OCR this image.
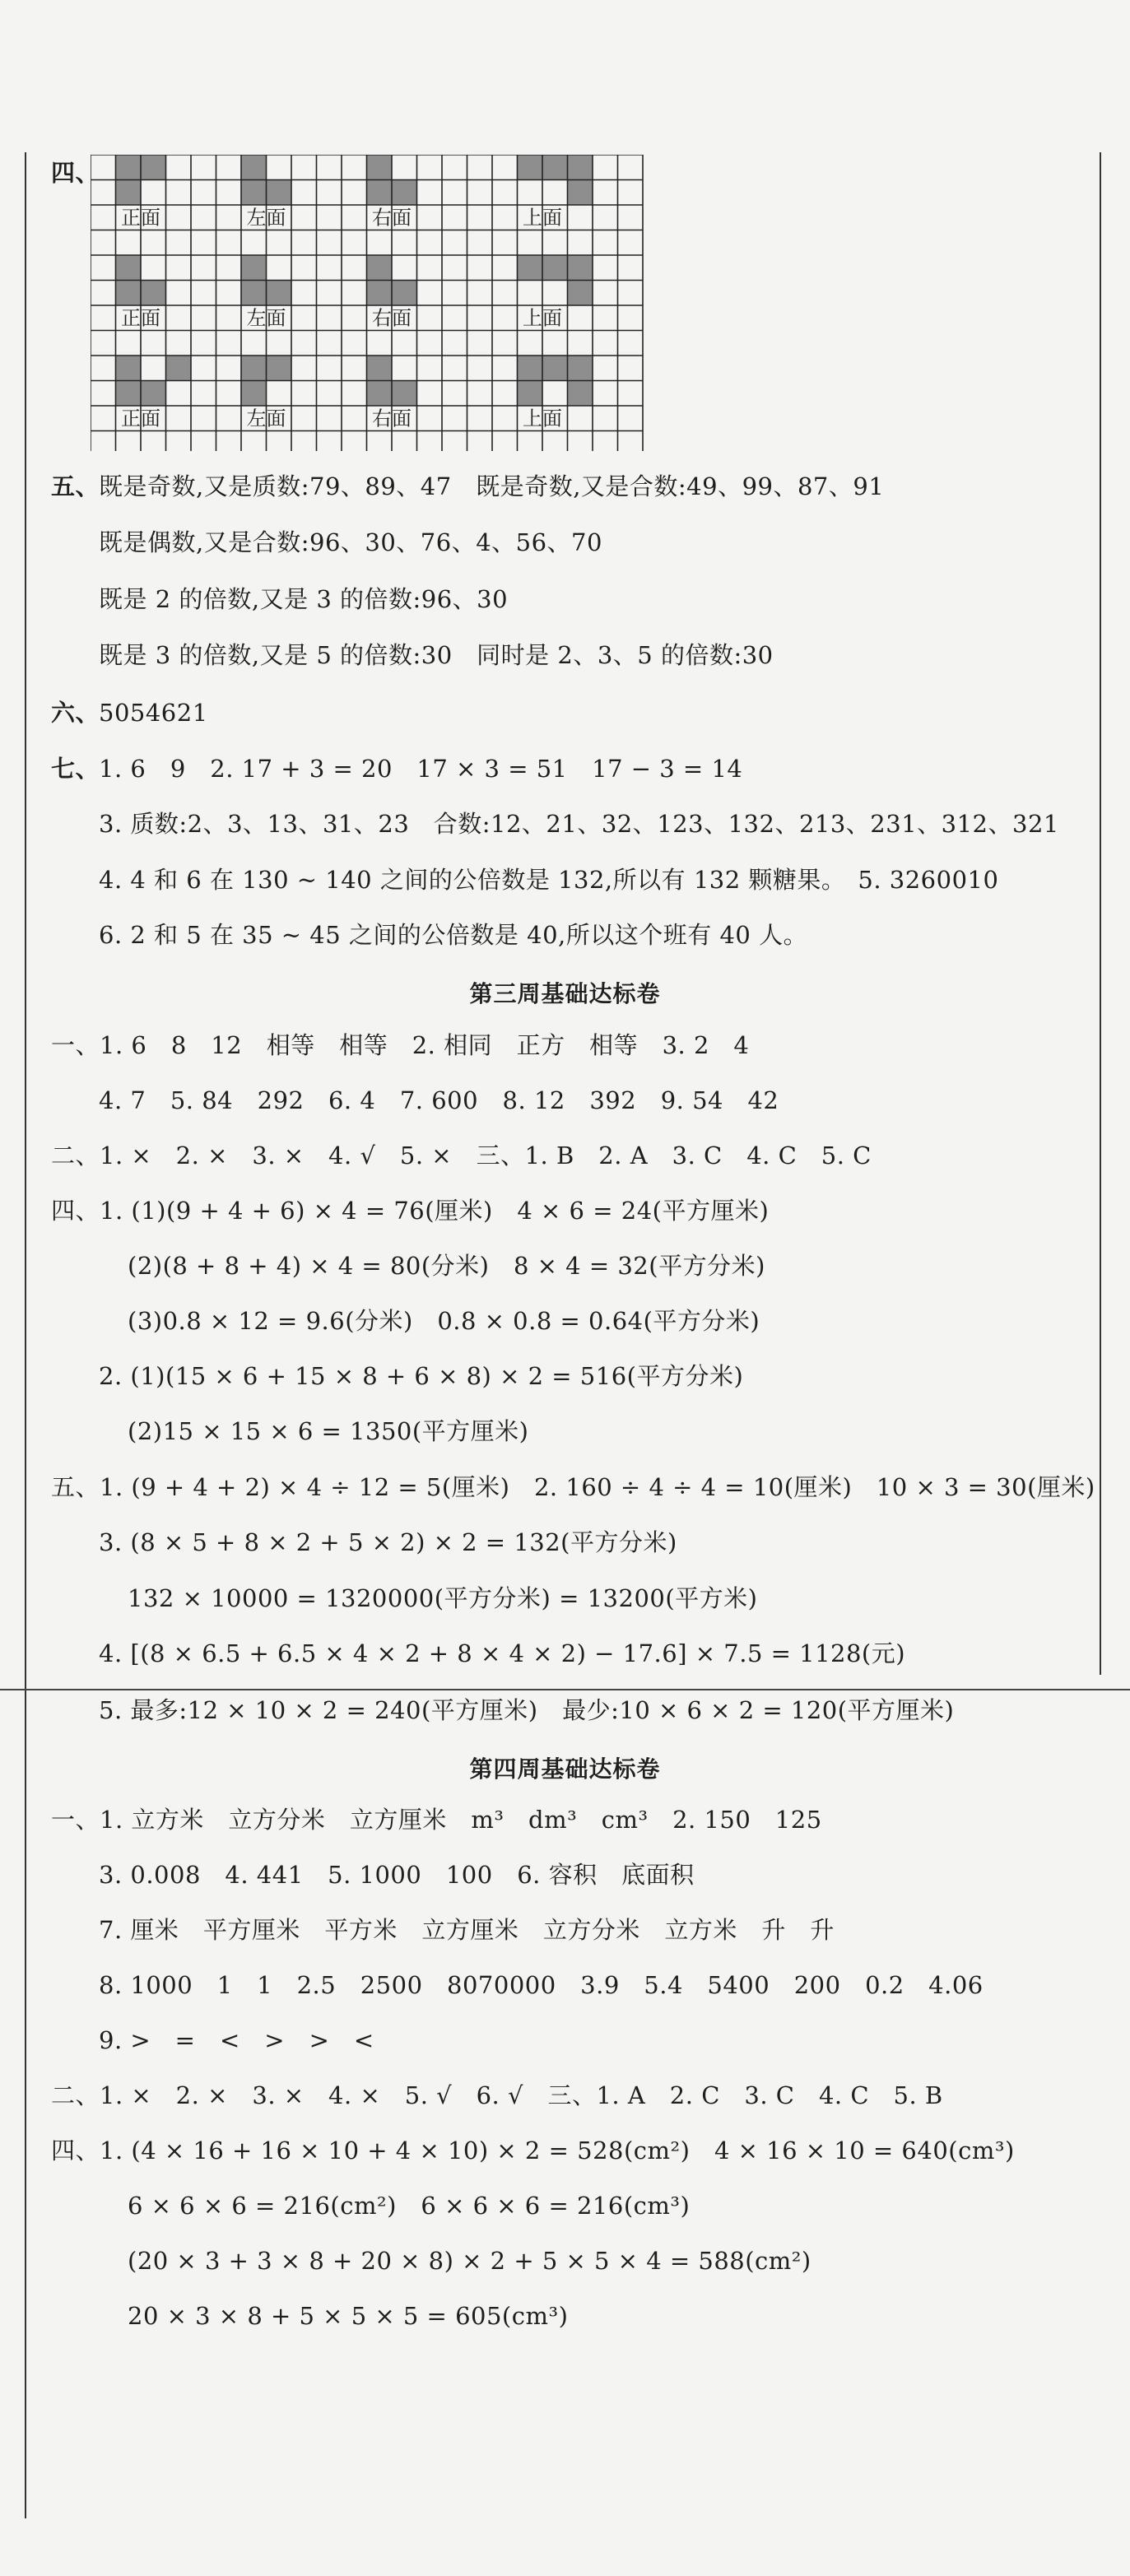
四、
正面	左面	右面	上面
正面	左面	右面	上面
正面	左面	右面	上面
五、
既是奇数,又是质数:79、89、47　既是奇数,又是合数:49、99、87、91
既是偶数,又是合数:96、30、76、4、56、70
既是 2 的倍数,又是 3 的倍数:96、30
既是 3 的倍数,又是 5 的倍数:30　同时是 2、3、5 的倍数:30
六、
5054621
七、
1. 6　9　2. 17 + 3 = 20　17 × 3 = 51　17 − 3 = 14
3. 质数:2、3、13、31、23　合数:12、21、32、123、132、213、231、312、321
4. 4 和 6 在 130 ~ 140 之间的公倍数是 132,所以有 132 颗糖果。　5. 3260010
6. 2 和 5 在 35 ~ 45 之间的公倍数是 40,所以这个班有 40 人。
第三周基础达标卷
一、1. 6　8　12　相等　相等　2. 相同　正方　相等　3. 2　4
4. 7　5. 84　292　6. 4　7. 600　8. 12　392　9. 54　42
二、1. ×　2. ×　3. ×　4. √　5. ×　三、1. B　2. A　3. C　4. C　5. C
四、1. (1)(9 + 4 + 6) × 4 = 76(厘米)　4 × 6 = 24(平方厘米)
(2)(8 + 8 + 4) × 4 = 80(分米)　8 × 4 = 32(平方分米)
(3)0.8 × 12 = 9.6(分米)　0.8 × 0.8 = 0.64(平方分米)
2. (1)(15 × 6 + 15 × 8 + 6 × 8) × 2 = 516(平方分米)
(2)15 × 15 × 6 = 1350(平方厘米)
五、1. (9 + 4 + 2) × 4 ÷ 12 = 5(厘米)　2. 160 ÷ 4 ÷ 4 = 10(厘米)　10 × 3 = 30(厘米)
3. (8 × 5 + 8 × 2 + 5 × 2) × 2 = 132(平方分米)
132 × 10000 = 1320000(平方分米) = 13200(平方米)
4. [(8 × 6.5 + 6.5 × 4 × 2 + 8 × 4 × 2) − 17.6] × 7.5 = 1128(元)
5. 最多:12 × 10 × 2 = 240(平方厘米)　最少:10 × 6 × 2 = 120(平方厘米)
第四周基础达标卷
一、1. 立方米　立方分米　立方厘米　m³　dm³　cm³　2. 150　125
3. 0.008　4. 441　5. 1000　100　6. 容积　底面积
7. 厘米　平方厘米　平方米　立方厘米　立方分米　立方米　升　升
8. 1000　1　1　2.5　2500　8070000　3.9　5.4　5400　200　0.2　4.06
9. >　=　<　>　>　<
二、1. ×　2. ×　3. ×　4. ×　5. √　6. √　三、1. A　2. C　3. C　4. C　5. B
四、1. (4 × 16 + 16 × 10 + 4 × 10) × 2 = 528(cm²)　4 × 16 × 10 = 640(cm³)
6 × 6 × 6 = 216(cm²)　6 × 6 × 6 = 216(cm³)
(20 × 3 + 3 × 8 + 20 × 8) × 2 + 5 × 5 × 4 = 588(cm²)
20 × 3 × 8 + 5 × 5 × 5 = 605(cm³)
